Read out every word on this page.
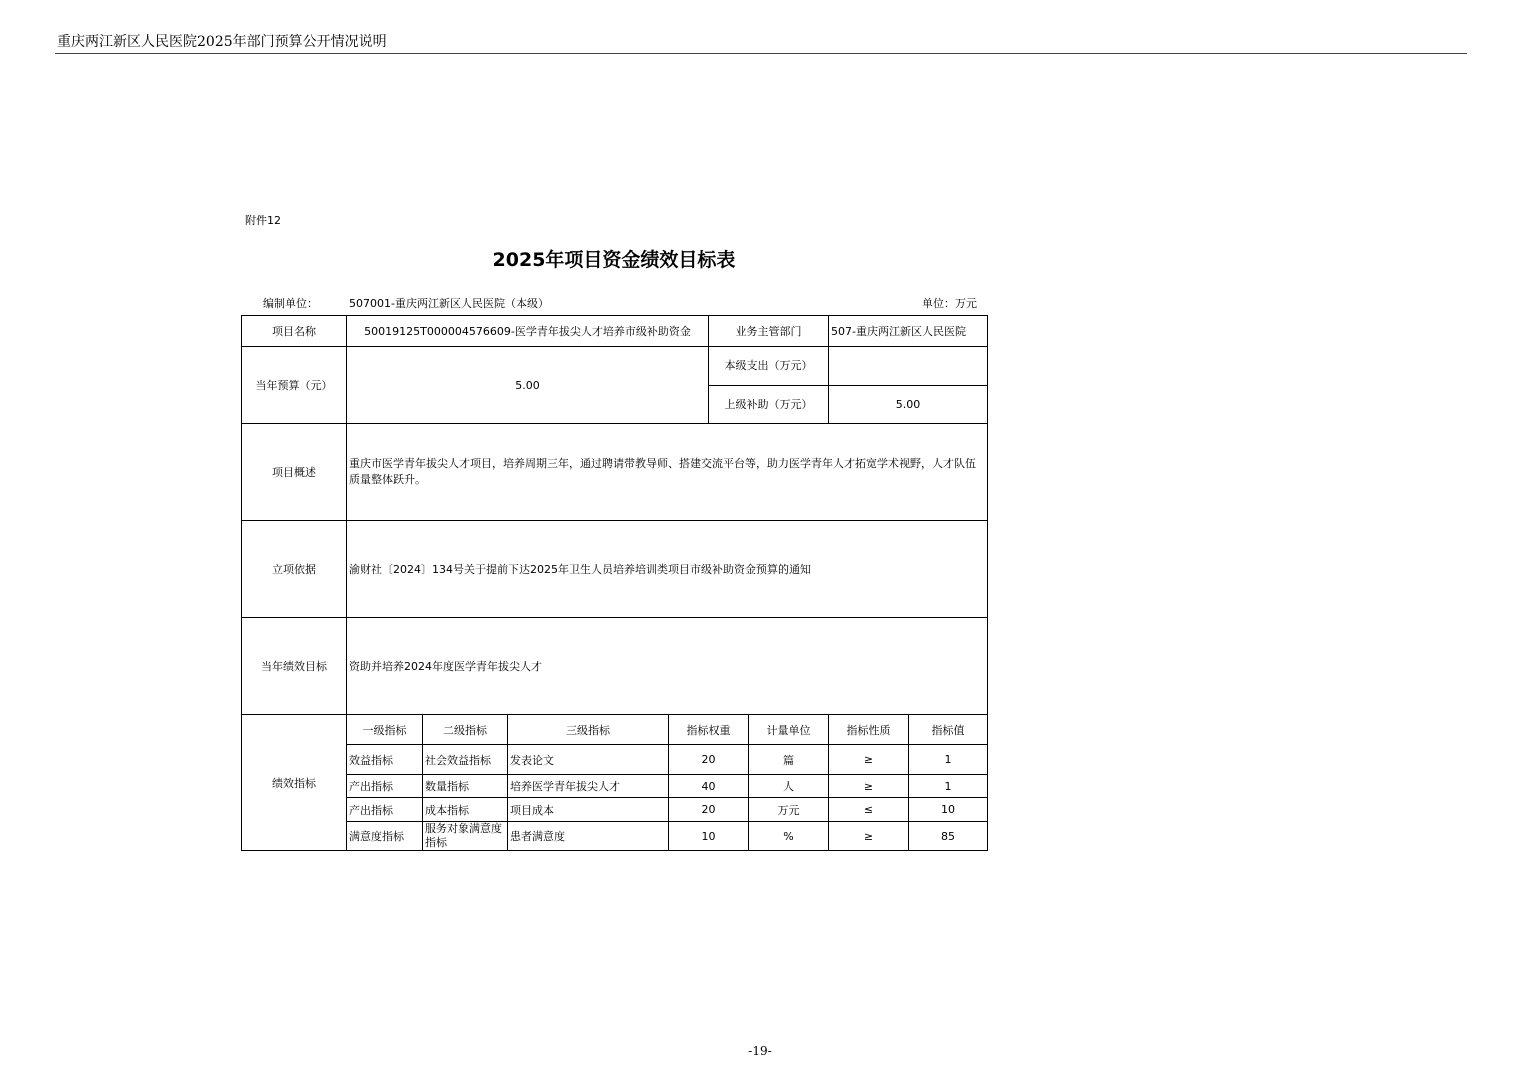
重庆两江新区人民医院2025年部门预算公开情况说明
附件12
2025年项目资金绩效目标表
编制单位：	507001-重庆两江新区人民医院（本级）	单位：万元
项目名称	50019125T000004576609-医学青年拔尖人才培养市级补助资金				业务主管部门		507-重庆两江新区人民医院	
当年预算（元）	5.00				本级支出（万元）			
					上级补助（万元）		5.00	
项目概述	重庆市医学青年拔尖人才项目，培养周期三年，通过聘请带教导师、搭建交流平台等，助力医学青年人才拓宽学术视野，人才队伍质量整体跃升。							
立项依据	渝财社〔2024〕134号关于提前下达2025年卫生人员培养培训类项目市级补助资金预算的通知							
当年绩效目标	资助并培养2024年度医学青年拔尖人才							
绩效指标	一级指标	二级指标	三级指标	指标权重		计量单位	指标性质	指标值
	效益指标	社会效益指标	发表论文	20		篇	≥	1
	产出指标	数量指标	培养医学青年拔尖人才	40		人	≥	1
	产出指标	成本指标	项目成本	20		万元	≤	10
	满意度指标	服务对象满意度指标	患者满意度	10		%	≥	85
-19-
